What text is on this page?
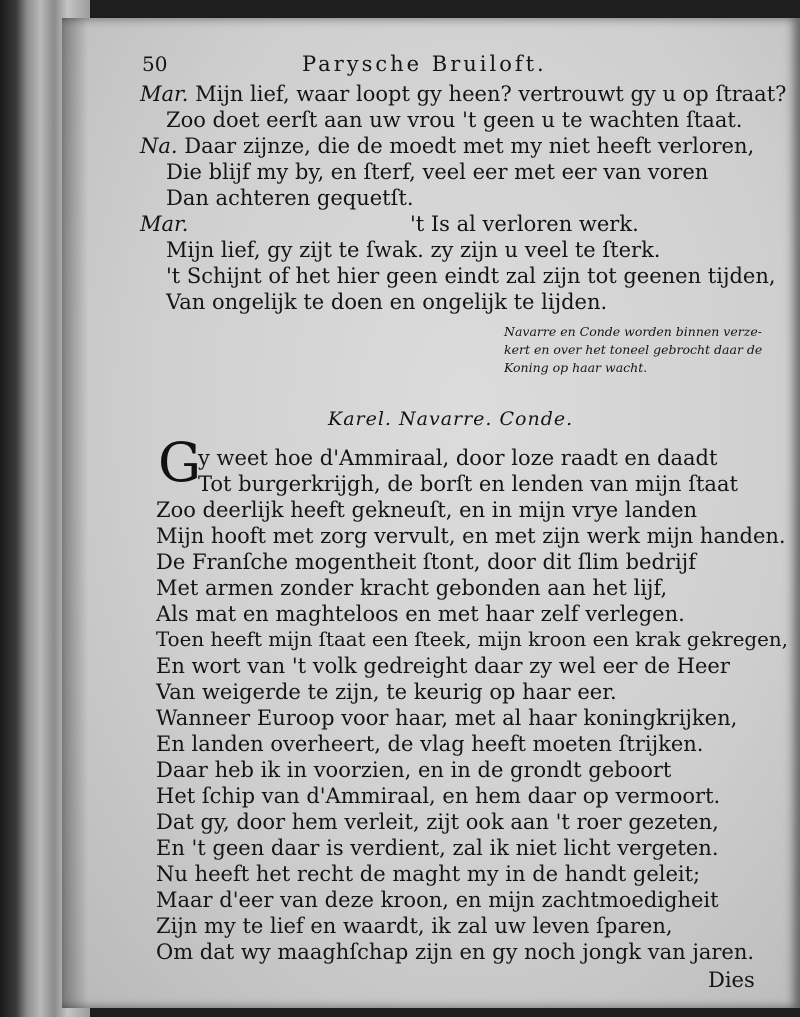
50	Parysche Bruiloft.
Mar. Mijn lief, waar loopt gy heen? vertrouwt gy u op ſtraat?
Zoo doet eerſt aan uw vrou 't geen u te wachten ſtaat.
Na. Daar zijnze, die de moedt met my niet heeft verloren,
Die blijf my by, en ſterf, veel eer met eer van voren
Dan achteren gequetſt.
Mar.	't Is al verloren werk.
Mijn lief, gy zijt te ſwak. zy zijn u veel te ſterk.
't Schijnt of het hier geen eindt zal zijn tot geenen tijden,
Van ongelijk te doen en ongelijk te lijden.
Navarre en Conde worden binnen verze-
kert en over het toneel gebrocht daar de
Koning op haar wacht.
Karel. Navarre. Conde.
G
y weet hoe d'Ammiraal, door loze raadt en daadt
Tot burgerkrijgh, de borſt en lenden van mijn ſtaat
Zoo deerlijk heeft gekneuſt, en in mijn vrye landen
Mijn hooft met zorg vervult, en met zijn werk mijn handen.
De Franſche mogentheit ſtont, door dit ſlim bedrijf
Met armen zonder kracht gebonden aan het lijf,
Als mat en maghteloos en met haar zelf verlegen.
Toen heeft mijn ſtaat een ſteek, mijn kroon een krak gekregen,
En wort van 't volk gedreight daar zy wel eer de Heer
Van weigerde te zijn, te keurig op haar eer.
Wanneer Euroop voor haar, met al haar koningkrijken,
En landen overheert, de vlag heeft moeten ſtrijken.
Daar heb ik in voorzien, en in de grondt geboort
Het ſchip van d'Ammiraal, en hem daar op vermoort.
Dat gy, door hem verleit, zijt ook aan 't roer gezeten,
En 't geen daar is verdient, zal ik niet licht vergeten.
Nu heeft het recht de maght my in de handt geleit;
Maar d'eer van deze kroon, en mijn zachtmoedigheit
Zijn my te lief en waardt, ik zal uw leven ſparen,
Om dat wy maaghſchap zijn en gy noch jongk van jaren.
Dies
